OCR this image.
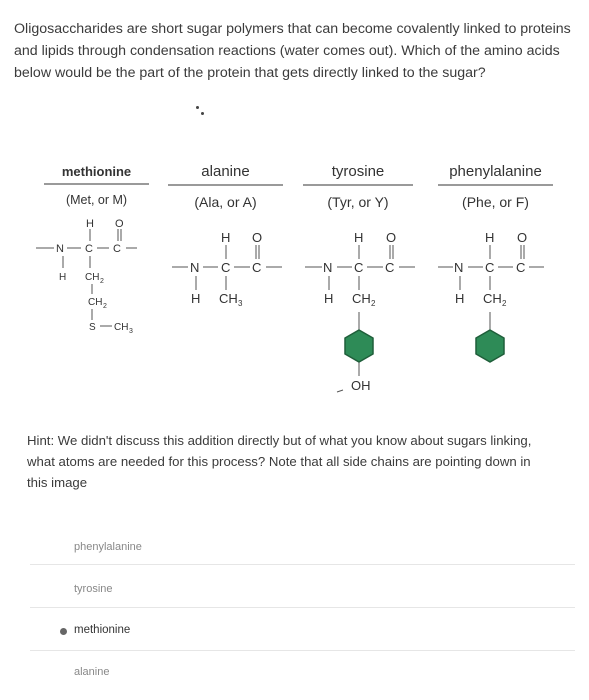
Oligosaccharides are short sugar polymers that can become covalently linked to proteins and lipids through condensation reactions (water comes out). Which of the amino acids below would be the part of the protein that gets directly linked to the sugar?
methionine
(Met, or M)
alanine
(Ala, or A)
tyrosine
(Tyr, or Y)
phenylalanine
(Phe, or F)
H O
N C C
H CH 2
CH 2
S CH 3
H O
N C C
H CH 3
H O
N C C
H CH 2
OH
H O
N C C
H CH 2
Hint: We didn't discuss this addition directly but of what you know about sugars linking, what atoms are needed for this process? Note that all side chains are pointing down in this image
phenylalanine
tyrosine
methionine
alanine
